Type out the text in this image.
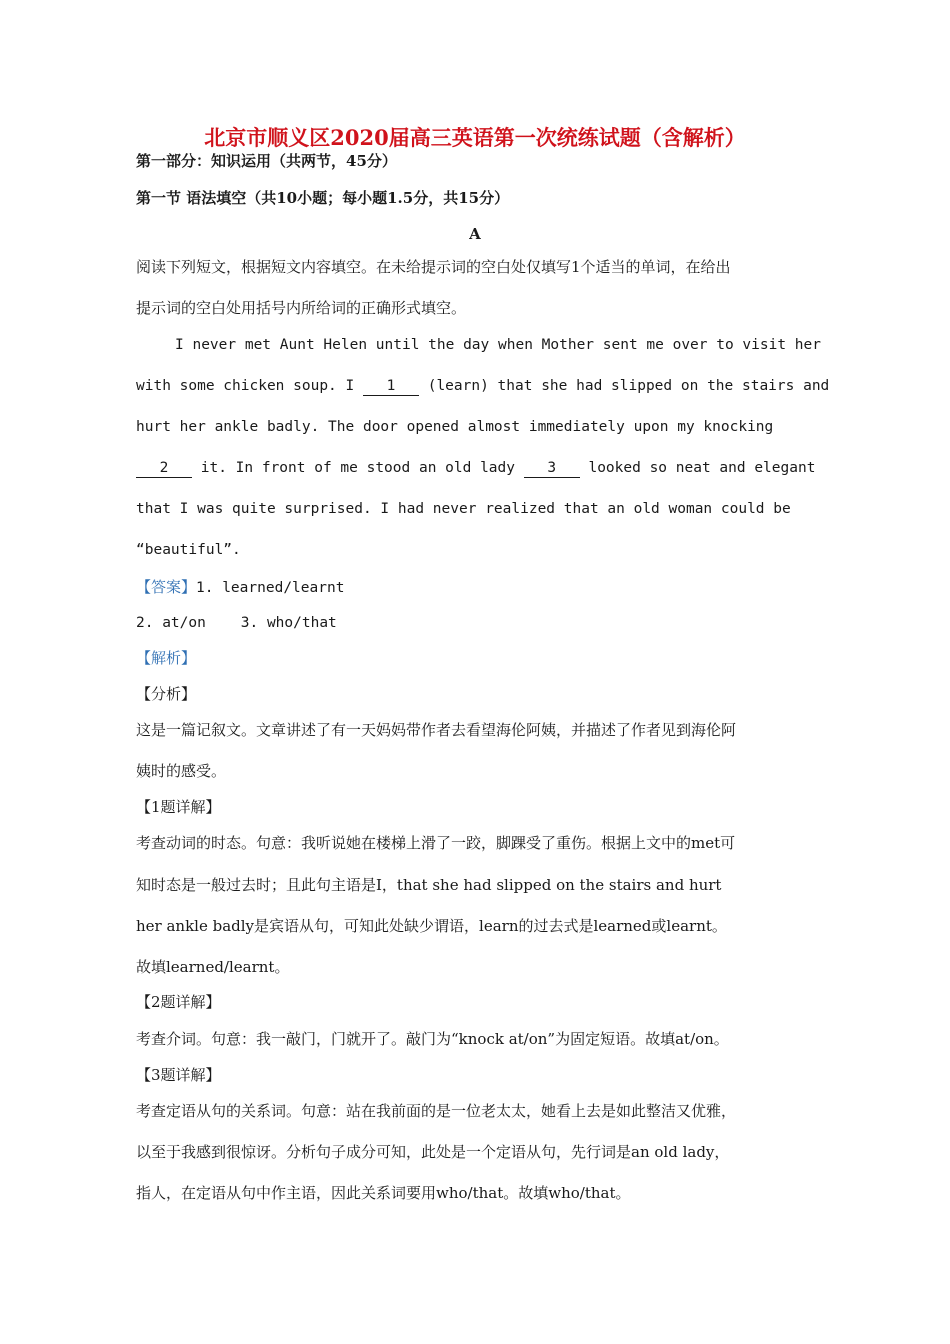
北京市顺义区2020届高三英语第一次统练试题（含解析）
第一部分：知识运用（共两节，45分）
第一节 语法填空（共10小题；每小题1.5分，共15分）
A
阅读下列短文，根据短文内容填空。在未给提示词的空白处仅填写1个适当的单词，在给出
提示词的空白处用括号内所给词的正确形式填空。
I never met Aunt Helen until the day when Mother sent me over to visit her
with some chicken soup. I 1 (learn) that she had slipped on the stairs and
hurt her ankle badly. The door opened almost immediately upon my knocking
2 it. In front of me stood an old lady 3 looked so neat and elegant
that I was quite surprised. I had never realized that an old woman could be
“beautiful”.
【答案】1. learned/learnt
2. at/on    3. who/that
【解析】
【分析】
这是一篇记叙文。文章讲述了有一天妈妈带作者去看望海伦阿姨，并描述了作者见到海伦阿
姨时的感受。
【1题详解】
考查动词的时态。句意：我听说她在楼梯上滑了一跤，脚踝受了重伤。根据上文中的met可
知时态是一般过去时；且此句主语是I，that she had slipped on the stairs and hurt
her ankle badly是宾语从句，可知此处缺少谓语，learn的过去式是learned或learnt。
故填learned/learnt。
【2题详解】
考查介词。句意：我一敲门，门就开了。敲门为“knock at/on”为固定短语。故填at/on。
【3题详解】
考查定语从句的关系词。句意：站在我前面的是一位老太太，她看上去是如此整洁又优雅，
以至于我感到很惊讶。分析句子成分可知，此处是一个定语从句，先行词是an old lady，
指人，在定语从句中作主语，因此关系词要用who/that。故填who/that。
